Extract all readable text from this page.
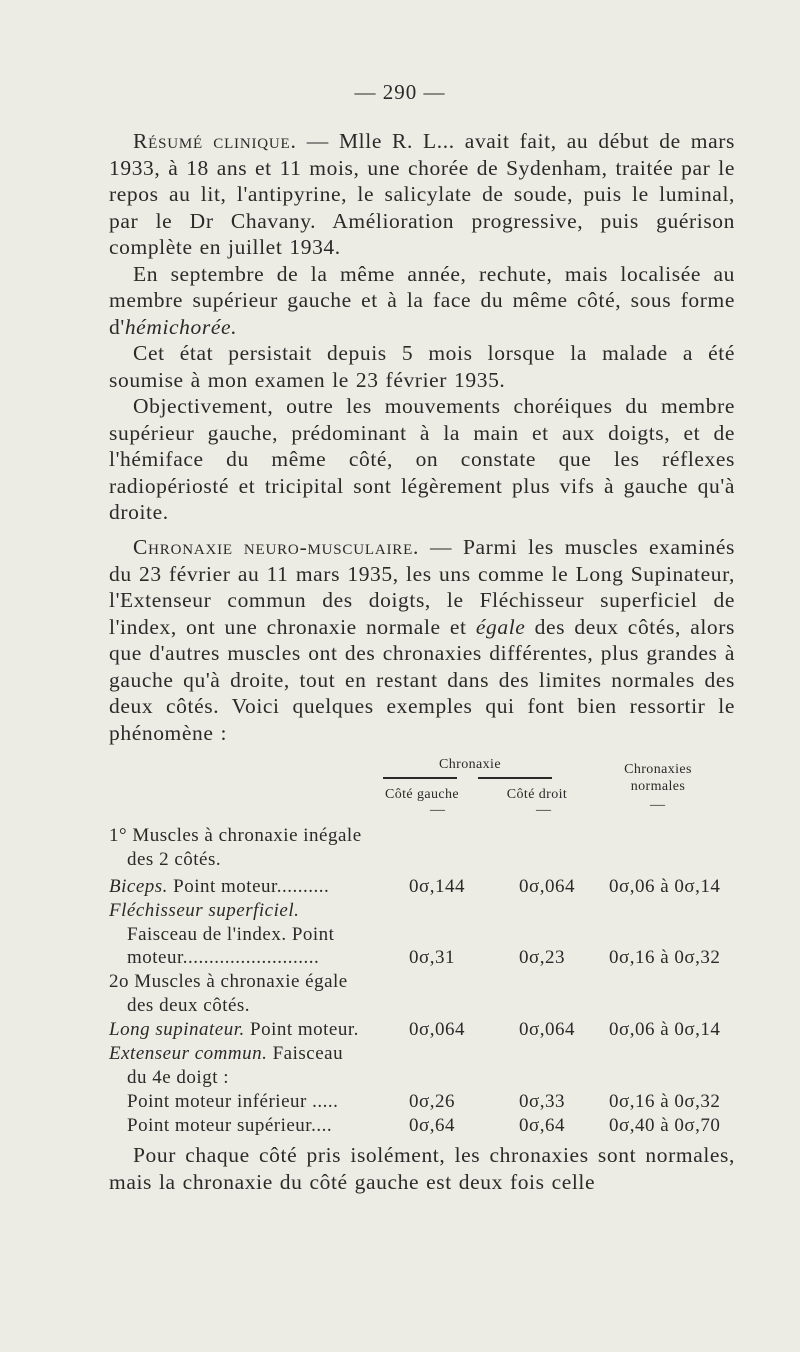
— 290 —

Résumé clinique. — Mlle R. L... avait fait, au début de mars 1933, à 18 ans et 11 mois, une chorée de Sydenham, traitée par le repos au lit, l'antipyrine, le salicylate de soude, puis le luminal, par le Dr Chavany. Amélioration progressive, puis guérison complète en juillet 1934.

En septembre de la même année, rechute, mais localisée au membre supérieur gauche et à la face du même côté, sous forme d'hémichorée.

Cet état persistait depuis 5 mois lorsque la malade a été soumise à mon examen le 23 février 1935.

Objectivement, outre les mouvements choréiques du membre supérieur gauche, prédominant à la main et aux doigts, et de l'hémiface du même côté, on constate que les réflexes radiopériosté et tricipital sont légèrement plus vifs à gauche qu'à droite.

Chronaxie neuro-musculaire. — Parmi les muscles examinés du 23 février au 11 mars 1935, les uns comme le Long Supinateur, l'Extenseur commun des doigts, le Fléchisseur superficiel de l'index, ont une chronaxie normale et égale des deux côtés, alors que d'autres muscles ont des chronaxies différentes, plus grandes à gauche qu'à droite, tout en restant dans des limites normales des deux côtés. Voici quelques exemples qui font bien ressortir le phénomène :

Chronaxie
Côté gauche	Côté droit
Chronaxies
normales
—	—	—
1° Muscles à chronaxie inégale
des 2 côtés.
Biceps. Point moteur..........	0σ,144	0σ,064 0σ,06 à 0σ,14
Fléchisseur superficiel.
Faisceau de l'index. Point
moteur..........................	0σ,31	0σ,23 0σ,16 à 0σ,32
2o Muscles à chronaxie égale
des deux côtés.
Long supinateur. Point moteur.	0σ,064	0σ,064 0σ,06 à 0σ,14
Extenseur commun. Faisceau
du 4e doigt :
Point moteur inférieur .....	0σ,26	0σ,33 0σ,16 à 0σ,32
Point moteur supérieur....	0σ,64	0σ,64 0σ,40 à 0σ,70

Pour chaque côté pris isolément, les chronaxies sont normales, mais la chronaxie du côté gauche est deux fois celle
